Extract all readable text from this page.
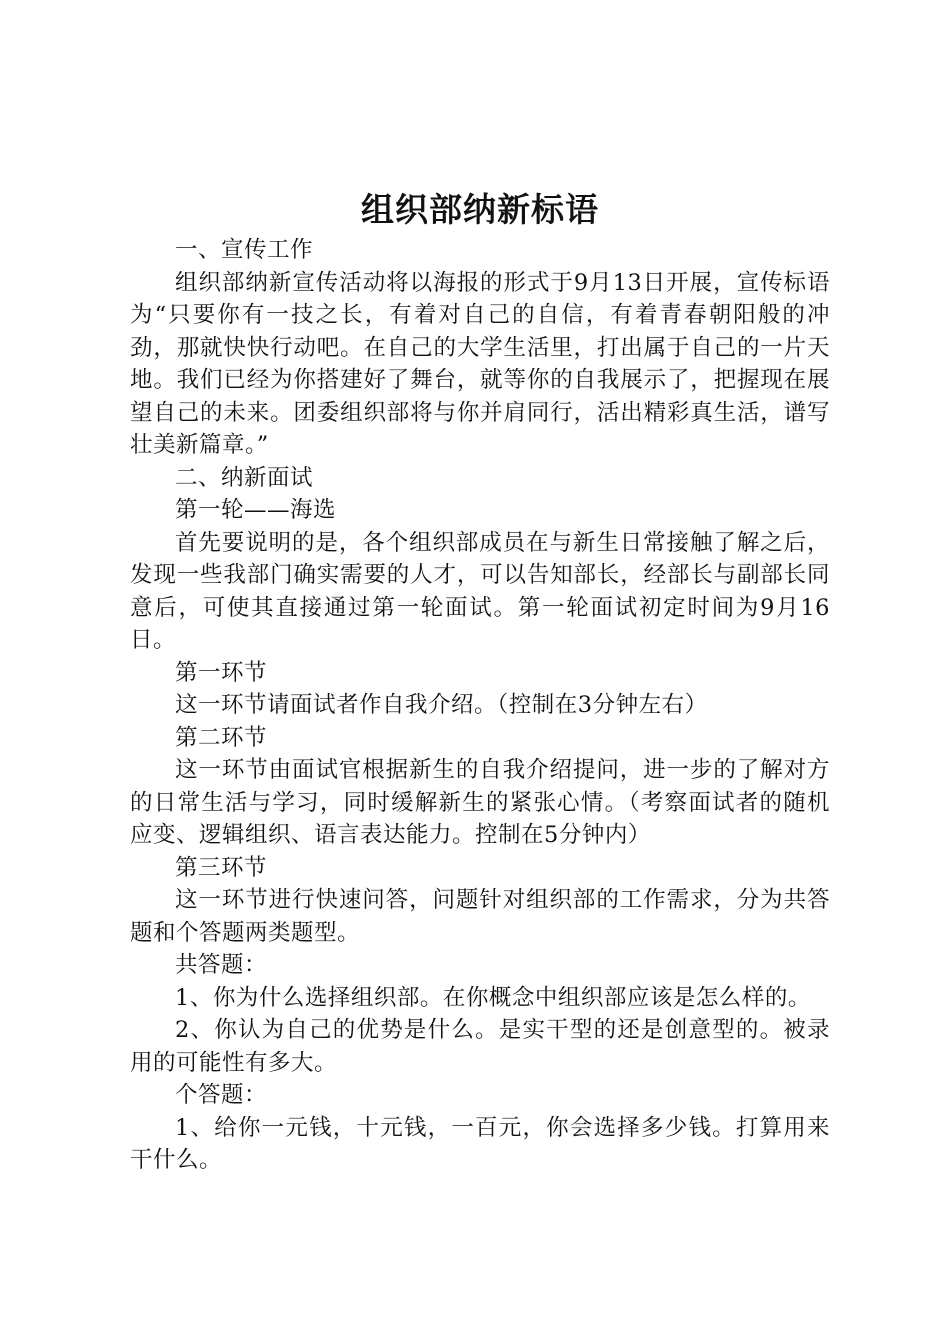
组织部纳新标语

一、宣传工作

组织部纳新宣传活动将以海报的形式于9月13日开展，宣传标语为“只要你有一技之长，有着对自己的自信，有着青春朝阳般的冲劲，那就快快行动吧。在自己的大学生活里，打出属于自己的一片天地。我们已经为你搭建好了舞台，就等你的自我展示了，把握现在展望自己的未来。团委组织部将与你并肩同行，活出精彩真生活，谱写壮美新篇章。”

二、纳新面试

第一轮——海选

首先要说明的是，各个组织部成员在与新生日常接触了解之后，发现一些我部门确实需要的人才，可以告知部长，经部长与副部长同意后，可使其直接通过第一轮面试。第一轮面试初定时间为9月16日。

第一环节

这一环节请面试者作自我介绍。（控制在3分钟左右）

第二环节

这一环节由面试官根据新生的自我介绍提问，进一步的了解对方的日常生活与学习，同时缓解新生的紧张心情。（考察面试者的随机应变、逻辑组织、语言表达能力。控制在5分钟内）

第三环节

这一环节进行快速问答，问题针对组织部的工作需求，分为共答题和个答题两类题型。

共答题：

1、你为什么选择组织部。在你概念中组织部应该是怎么样的。

2、你认为自己的优势是什么。是实干型的还是创意型的。被录用的可能性有多大。

个答题：

1、给你一元钱，十元钱，一百元，你会选择多少钱。打算用来干什么。
